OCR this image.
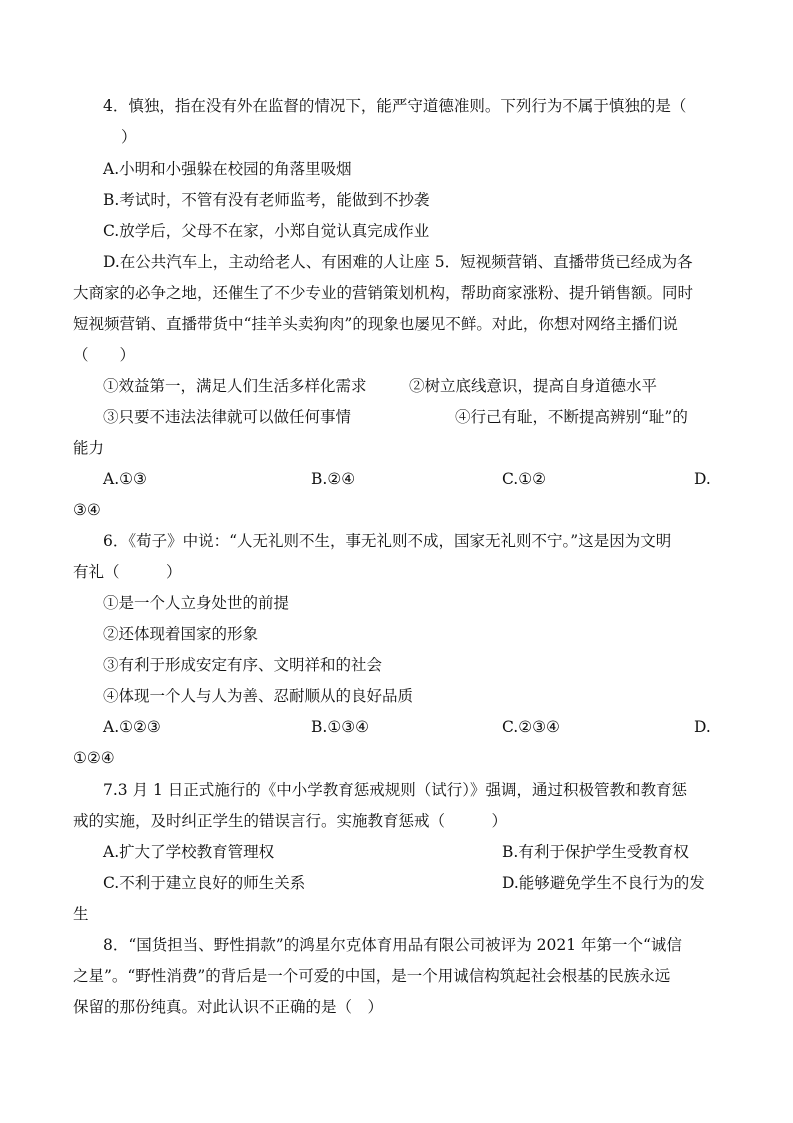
4．慎独，指在没有外在监督的情况下，能严守道德准则。下列行为不属于慎独的是（
）
A.小明和小强躲在校园的角落里吸烟
B.考试时，不管有没有老师监考，能做到不抄袭
C.放学后，父母不在家，小郑自觉认真完成作业
D.在公共汽车上，主动给老人、有困难的人让座 5．短视频营销、直播带货已经成为各
大商家的必争之地，还催生了不少专业的营销策划机构，帮助商家涨粉、提升销售额。同时
短视频营销、直播带货中“挂羊头卖狗肉”的现象也屡见不鲜。对此，你想对网络主播们说
（　　）
①效益第一，满足人们生活多样化需求	②树立底线意识，提高自身道德水平
③只要不违法法律就可以做任何事情	④行己有耻，不断提高辨别“耻”的
能力
A.①③	B.②④	C.①②	D.
③④
6．《荀子》中说：“人无礼则不生，事无礼则不成，国家无礼则不宁。”这是因为文明
有礼（　　　）
①是一个人立身处世的前提
②还体现着国家的形象
③有利于形成安定有序、文明祥和的社会
④体现一个人与人为善、忍耐顺从的良好品质
A.①②③	B.①③④	C.②③④	D.
①②④
7.3 月 1 日正式施行的《中小学教育惩戒规则（试行）》强调，通过积极管教和教育惩
戒的实施，及时纠正学生的错误言行。实施教育惩戒（　　　）
A.扩大了学校教育管理权	B.有利于保护学生受教育权
C.不利于建立良好的师生关系	D.能够避免学生不良行为的发
生
8．“国货担当、野性捐款”的鸿星尔克体育用品有限公司被评为 2021 年第一个“诚信
之星”。“野性消费”的背后是一个可爱的中国，是一个用诚信构筑起社会根基的民族永远
保留的那份纯真。对此认识不正确的是（　）
